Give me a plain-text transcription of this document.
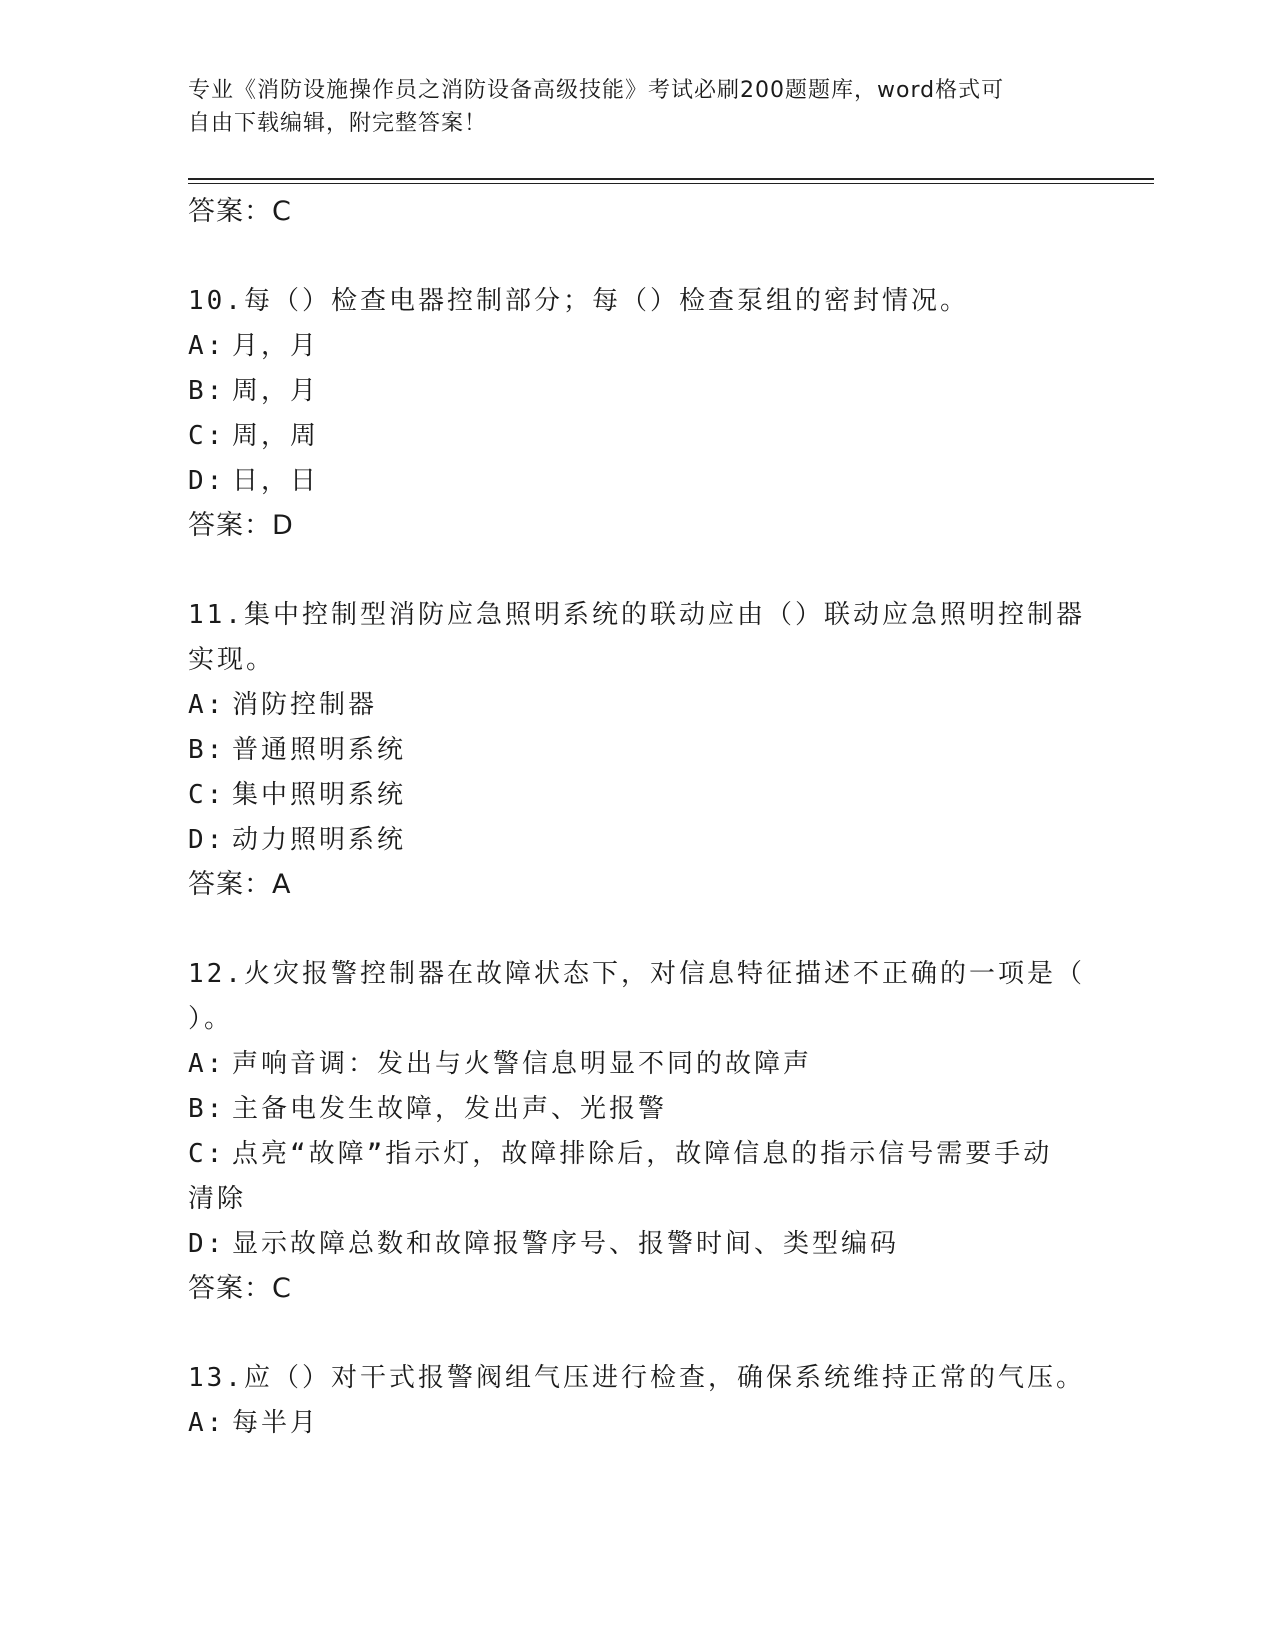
专业《消防设施操作员之消防设备高级技能》考试必刷200题题库，word格式可
自由下载编辑，附完整答案！
答案：C
10.每（）检查电器控制部分；每（）检查泵组的密封情况。
A: 月，月
B: 周，月
C: 周，周
D: 日，日
答案：D
11.集中控制型消防应急照明系统的联动应由（）联动应急照明控制器
实现。
A: 消防控制器
B: 普通照明系统
C: 集中照明系统
D: 动力照明系统
答案：A
12.火灾报警控制器在故障状态下，对信息特征描述不正确的一项是（
）。
A: 声响音调：发出与火警信息明显不同的故障声
B: 主备电发生故障，发出声、光报警
C: 点亮“故障”指示灯，故障排除后，故障信息的指示信号需要手动
清除
D: 显示故障总数和故障报警序号、报警时间、类型编码
答案：C
13.应（）对干式报警阀组气压进行检查，确保系统维持正常的气压。
A: 每半月
